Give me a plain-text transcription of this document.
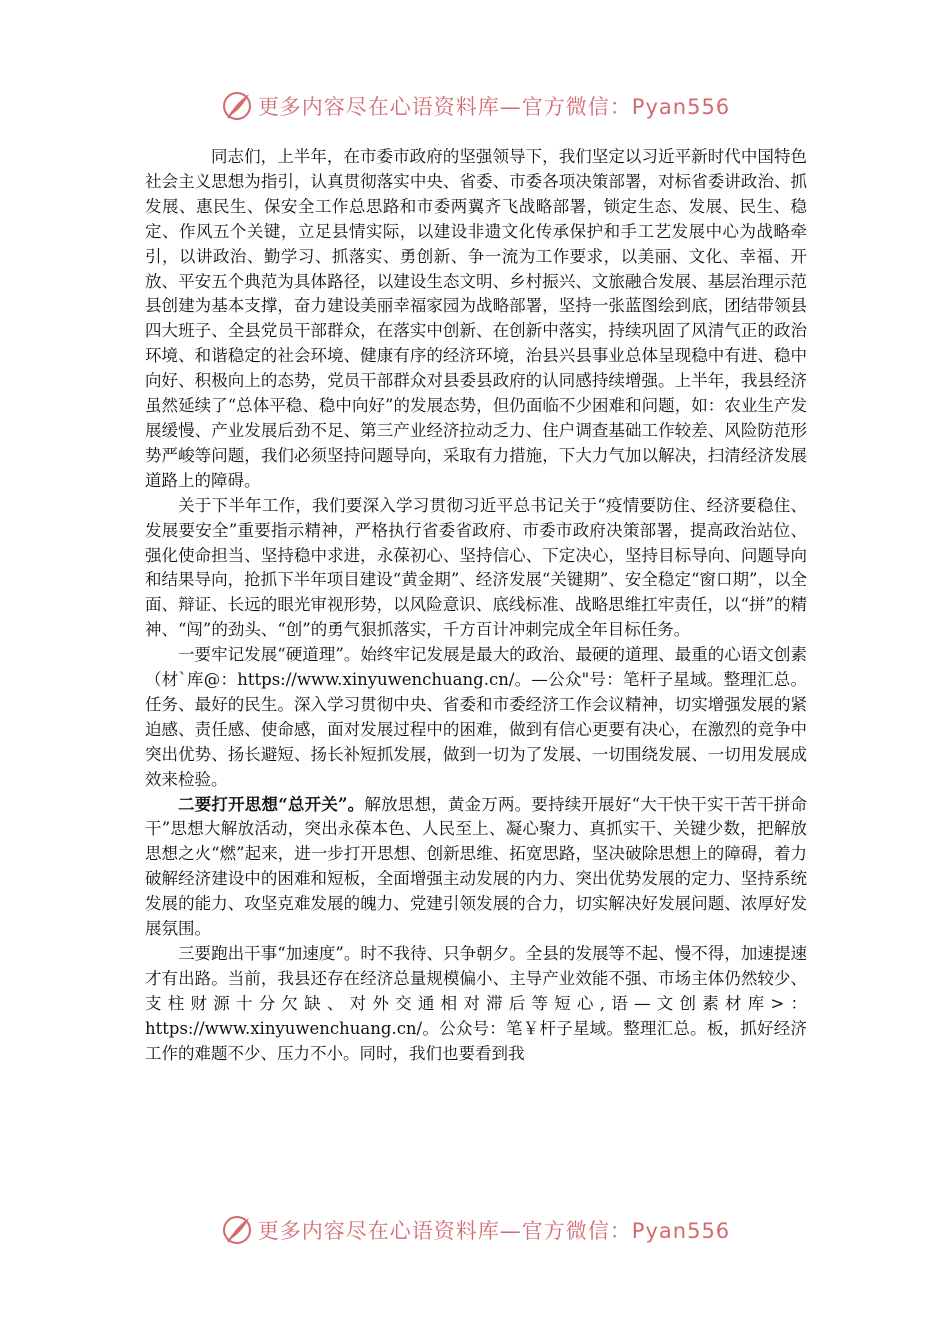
更多内容尽在心语资料库—官方微信：Pyan556

同志们，上半年，在市委市政府的坚强领导下，我们坚定以习近平新时代中国特色社会主义思想为指引，认真贯彻落实中央、省委、市委各项决策部署，对标省委讲政治、抓发展、惠民生、保安全工作总思路和市委两翼齐飞战略部署，锁定生态、发展、民生、稳定、作风五个关键，立足县情实际，以建设非遗文化传承保护和手工艺发展中心为战略牵引，以讲政治、勤学习、抓落实、勇创新、争一流为工作要求，以美丽、文化、幸福、开放、平安五个典范为具体路径，以建设生态文明、乡村振兴、文旅融合发展、基层治理示范县创建为基本支撑，奋力建设美丽幸福家园为战略部署，坚持一张蓝图绘到底，团结带领县四大班子、全县党员干部群众，在落实中创新、在创新中落实，持续巩固了风清气正的政治环境、和谐稳定的社会环境、健康有序的经济环境，治县兴县事业总体呈现稳中有进、稳中向好、积极向上的态势，党员干部群众对县委县政府的认同感持续增强。上半年，我县经济虽然延续了“总体平稳、稳中向好”的发展态势，但仍面临不少困难和问题，如：农业生产发展缓慢、产业发展后劲不足、第三产业经济拉动乏力、住户调查基础工作较差、风险防范形势严峻等问题，我们必须坚持问题导向，采取有力措施，下大力气加以解决，扫清经济发展道路上的障碍。

关于下半年工作，我们要深入学习贯彻习近平总书记关于“疫情要防住、经济要稳住、发展要安全”重要指示精神，严格执行省委省政府、市委市政府决策部署，提高政治站位、强化使命担当、坚持稳中求进，永葆初心、坚持信心、下定决心，坚持目标导向、问题导向和结果导向，抢抓下半年项目建设“黄金期”、经济发展“关键期”、安全稳定“窗口期”，以全面、辩证、长远的眼光审视形势，以风险意识、底线标准、战略思维扛牢责任，以“拼”的精神、“闯”的劲头、“创”的勇气狠抓落实，千方百计冲刺完成全年目标任务。

一要牢记发展“硬道理”。始终牢记发展是最大的政治、最硬的道理、最重的心语文创素（材`库@：https://www.xinyuwenchuang.cn/。—公众"号：笔杆子星域。整理汇总。任务、最好的民生。深入学习贯彻中央、省委和市委经济工作会议精神，切实增强发展的紧迫感、责任感、使命感，面对发展过程中的困难，做到有信心更要有决心，在激烈的竞争中突出优势、扬长避短、扬长补短抓发展，做到一切为了发展、一切围绕发展、一切用发展成效来检验。

二要打开思想“总开关”。解放思想，黄金万两。要持续开展好“大干快干实干苦干拼命干”思想大解放活动，突出永葆本色、人民至上、凝心聚力、真抓实干、关键少数，把解放思想之火“燃”起来，进一步打开思想、创新思维、拓宽思路，坚决破除思想上的障碍，着力破解经济建设中的困难和短板，全面增强主动发展的内力、突出优势发展的定力、坚持系统发展的能力、攻坚克难发展的魄力、党建引领发展的合力，切实解决好发展问题、浓厚好发展氛围。

三要跑出干事“加速度”。时不我待、只争朝夕。全县的发展等不起、慢不得，加速提速才有出路。当前，我县还存在经济总量规模偏小、主导产业效能不强、市场主体仍然较少、支柱财源十分欠缺、对外交通相对滞后等短心,语—文创素材库>：https://www.xinyuwenchuang.cn/。公众号：笔￥杆子星域。整理汇总。板，抓好经济工作的难题不少、压力不小。同时，我们也要看到我

更多内容尽在心语资料库—官方微信：Pyan556
